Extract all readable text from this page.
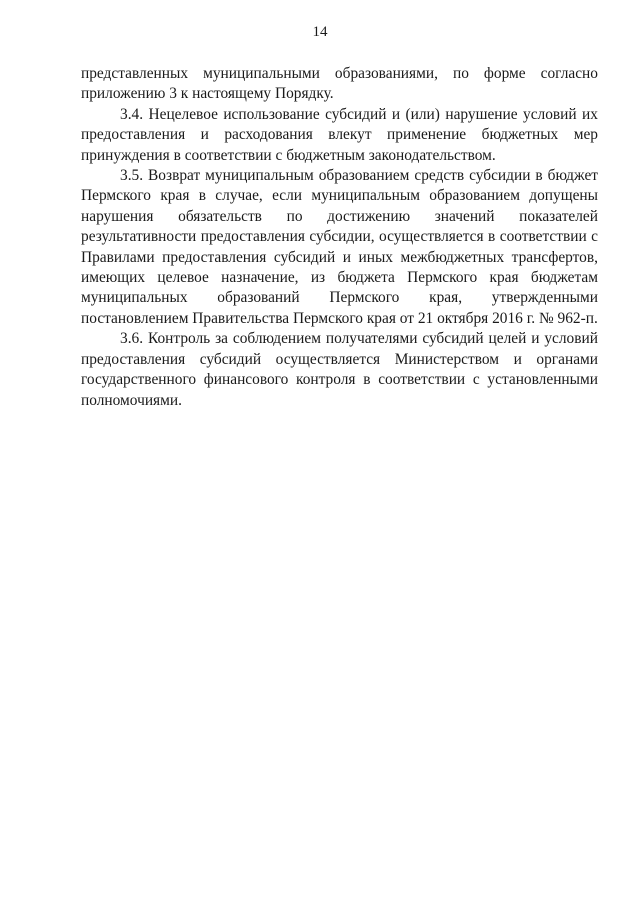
14

представленных муниципальными образованиями, по форме согласно приложению 3 к настоящему Порядку.

3.4. Нецелевое использование субсидий и (или) нарушение условий их предоставления и расходования влекут применение бюджетных мер принуждения в соответствии с бюджетным законодательством.

3.5. Возврат муниципальным образованием средств субсидии в бюджет Пермского края в случае, если муниципальным образованием допущены нарушения обязательств по достижению значений показателей результативности предоставления субсидии, осуществляется в соответствии с Правилами предоставления субсидий и иных межбюджетных трансфертов, имеющих целевое назначение, из бюджета Пермского края бюджетам муниципальных образований Пермского края, утвержденными постановлением Правительства Пермского края от 21 октября 2016 г. № 962-п.

3.6. Контроль за соблюдением получателями субсидий целей и условий предоставления субсидий осуществляется Министерством и органами государственного финансового контроля в соответствии с установленными полномочиями.
